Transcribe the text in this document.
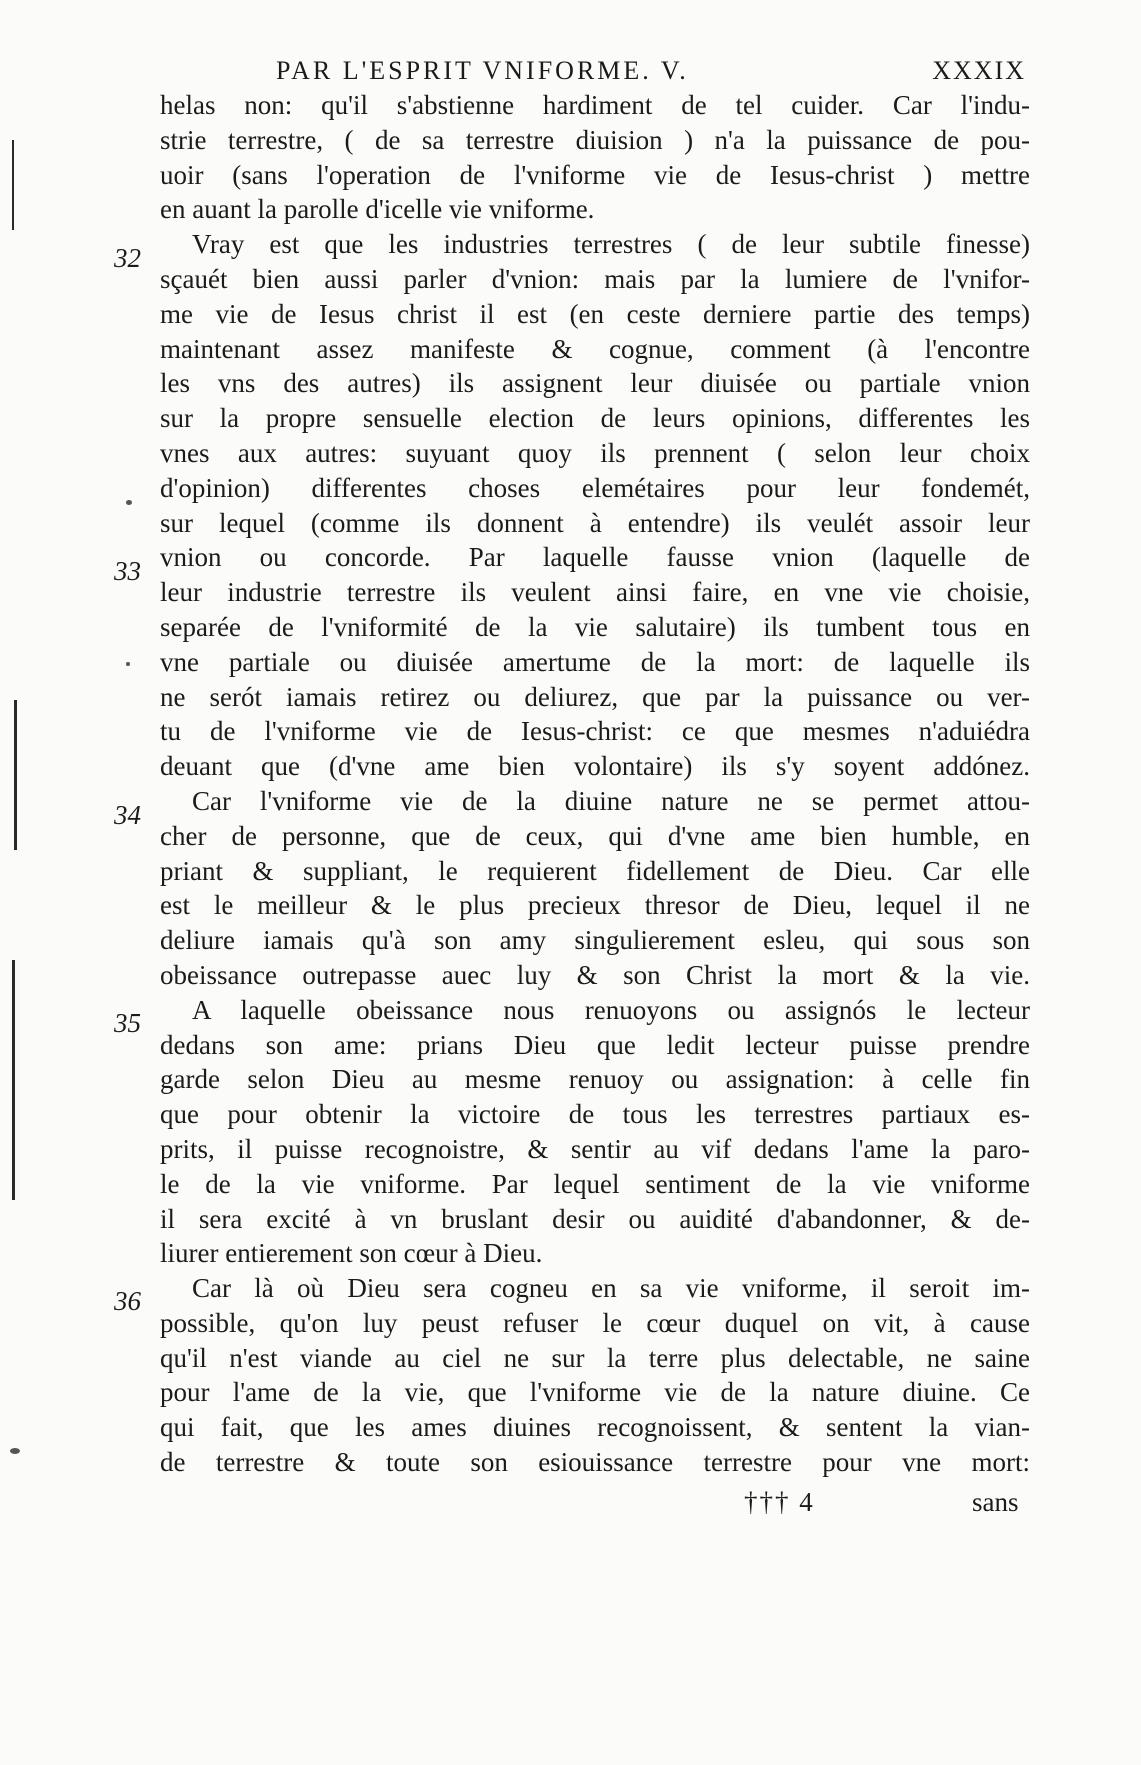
PAR L'ESPRIT VNIFORME. V.	XXXIX
32
33
34
35
36
helas non: qu'il s'abstienne hardiment de tel cuider. Car l'indu-
strie terrestre, ( de sa terrestre diuision ) n'a la puissance de pou-
uoir (sans l'operation de l'vniforme vie de Iesus-christ ) mettre
en auant la parolle d'icelle vie vniforme.
Vray est que les industries terrestres ( de leur subtile finesse)
sçauét bien aussi parler d'vnion: mais par la lumiere de l'vnifor-
me vie de Iesus christ il est (en ceste derniere partie des temps)
maintenant assez manifeste & cognue, comment (à l'encontre
les vns des autres) ils assignent leur diuisée ou partiale vnion
sur la propre sensuelle election de leurs opinions, differentes les
vnes aux autres: suyuant quoy ils prennent ( selon leur choix
d'opinion) differentes choses elemétaires pour leur fondemét,
sur lequel (comme ils donnent à entendre) ils veulét assoir leur
vnion ou concorde. Par laquelle fausse vnion (laquelle de
leur industrie terrestre ils veulent ainsi faire, en vne vie choisie,
separée de l'vniformité de la vie salutaire) ils tumbent tous en
vne partiale ou diuisée amertume de la mort: de laquelle ils
ne serót iamais retirez ou deliurez, que par la puissance ou ver-
tu de l'vniforme vie de Iesus-christ: ce que mesmes n'aduiédra
deuant que (d'vne ame bien volontaire) ils s'y soyent addónez.
Car l'vniforme vie de la diuine nature ne se permet attou-
cher de personne, que de ceux, qui d'vne ame bien humble, en
priant & suppliant, le requierent fidellement de Dieu. Car elle
est le meilleur & le plus precieux thresor de Dieu, lequel il ne
deliure iamais qu'à son amy singulierement esleu, qui sous son
obeissance outrepasse auec luy & son Christ la mort & la vie.
A laquelle obeissance nous renuoyons ou assignós le lecteur
dedans son ame: prians Dieu que ledit lecteur puisse prendre
garde selon Dieu au mesme renuoy ou assignation: à celle fin
que pour obtenir la victoire de tous les terrestres partiaux es-
prits, il puisse recognoistre, & sentir au vif dedans l'ame la paro-
le de la vie vniforme. Par lequel sentiment de la vie vniforme
il sera excité à vn bruslant desir ou auidité d'abandonner, & de-
liurer entierement son cœur à Dieu.
Car là où Dieu sera cogneu en sa vie vniforme, il seroit im-
possible, qu'on luy peust refuser le cœur duquel on vit, à cause
qu'il n'est viande au ciel ne sur la terre plus delectable, ne saine
pour l'ame de la vie, que l'vniforme vie de la nature diuine. Ce
qui fait, que les ames diuines recognoissent, & sentent la vian-
de terrestre & toute son esiouissance terrestre pour vne mort:
††† 4	sans
